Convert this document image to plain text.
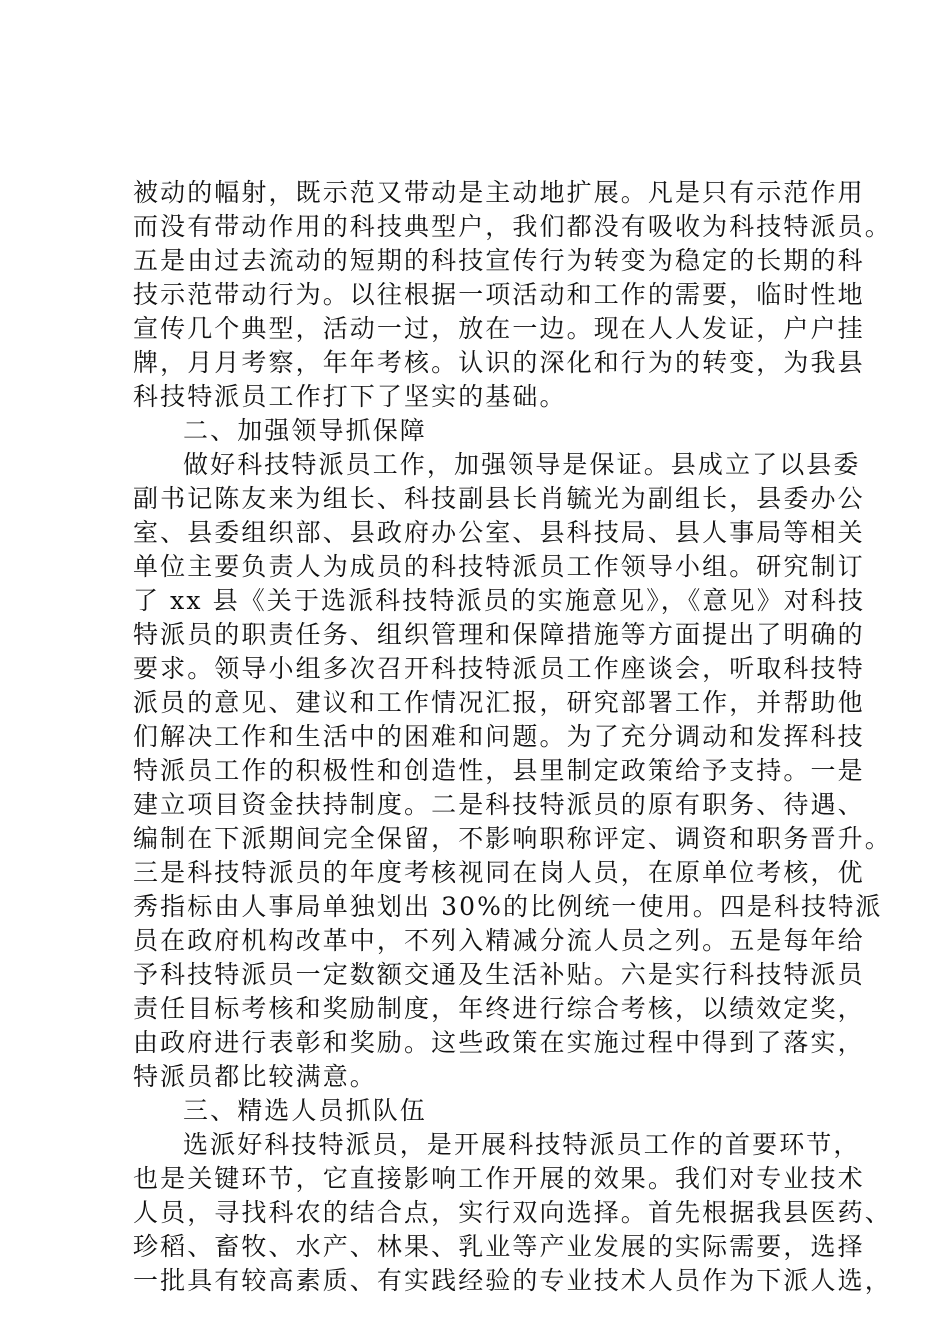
被动的幅射，既示范又带动是主动地扩展。凡是只有示范作用
而没有带动作用的科技典型户，我们都没有吸收为科技特派员。
五是由过去流动的短期的科技宣传行为转变为稳定的长期的科
技示范带动行为。以往根据一项活动和工作的需要，临时性地
宣传几个典型，活动一过，放在一边。现在人人发证，户户挂
牌，月月考察，年年考核。认识的深化和行为的转变，为我县
科技特派员工作打下了坚实的基础。
二、加强领导抓保障
做好科技特派员工作，加强领导是保证。县成立了以县委
副书记陈友来为组长、科技副县长肖毓光为副组长，县委办公
室、县委组织部、县政府办公室、县科技局、县人事局等相关
单位主要负责人为成员的科技特派员工作领导小组。研究制订
了 xx 县《关于选派科技特派员的实施意见》，《意见》对科技
特派员的职责任务、组织管理和保障措施等方面提出了明确的
要求。领导小组多次召开科技特派员工作座谈会，听取科技特
派员的意见、建议和工作情况汇报，研究部署工作，并帮助他
们解决工作和生活中的困难和问题。为了充分调动和发挥科技
特派员工作的积极性和创造性，县里制定政策给予支持。一是
建立项目资金扶持制度。二是科技特派员的原有职务、待遇、
编制在下派期间完全保留，不影响职称评定、调资和职务晋升。
三是科技特派员的年度考核视同在岗人员，在原单位考核，优
秀指标由人事局单独划出 30%的比例统一使用。四是科技特派
员在政府机构改革中，不列入精减分流人员之列。五是每年给
予科技特派员一定数额交通及生活补贴。六是实行科技特派员
责任目标考核和奖励制度，年终进行综合考核，以绩效定奖，
由政府进行表彰和奖励。这些政策在实施过程中得到了落实，
特派员都比较满意。
三、精选人员抓队伍
选派好科技特派员，是开展科技特派员工作的首要环节，
也是关键环节，它直接影响工作开展的效果。我们对专业技术
人员，寻找科农的结合点，实行双向选择。首先根据我县医药、
珍稻、畜牧、水产、林果、乳业等产业发展的实际需要，选择
一批具有较高素质、有实践经验的专业技术人员作为下派人选，
